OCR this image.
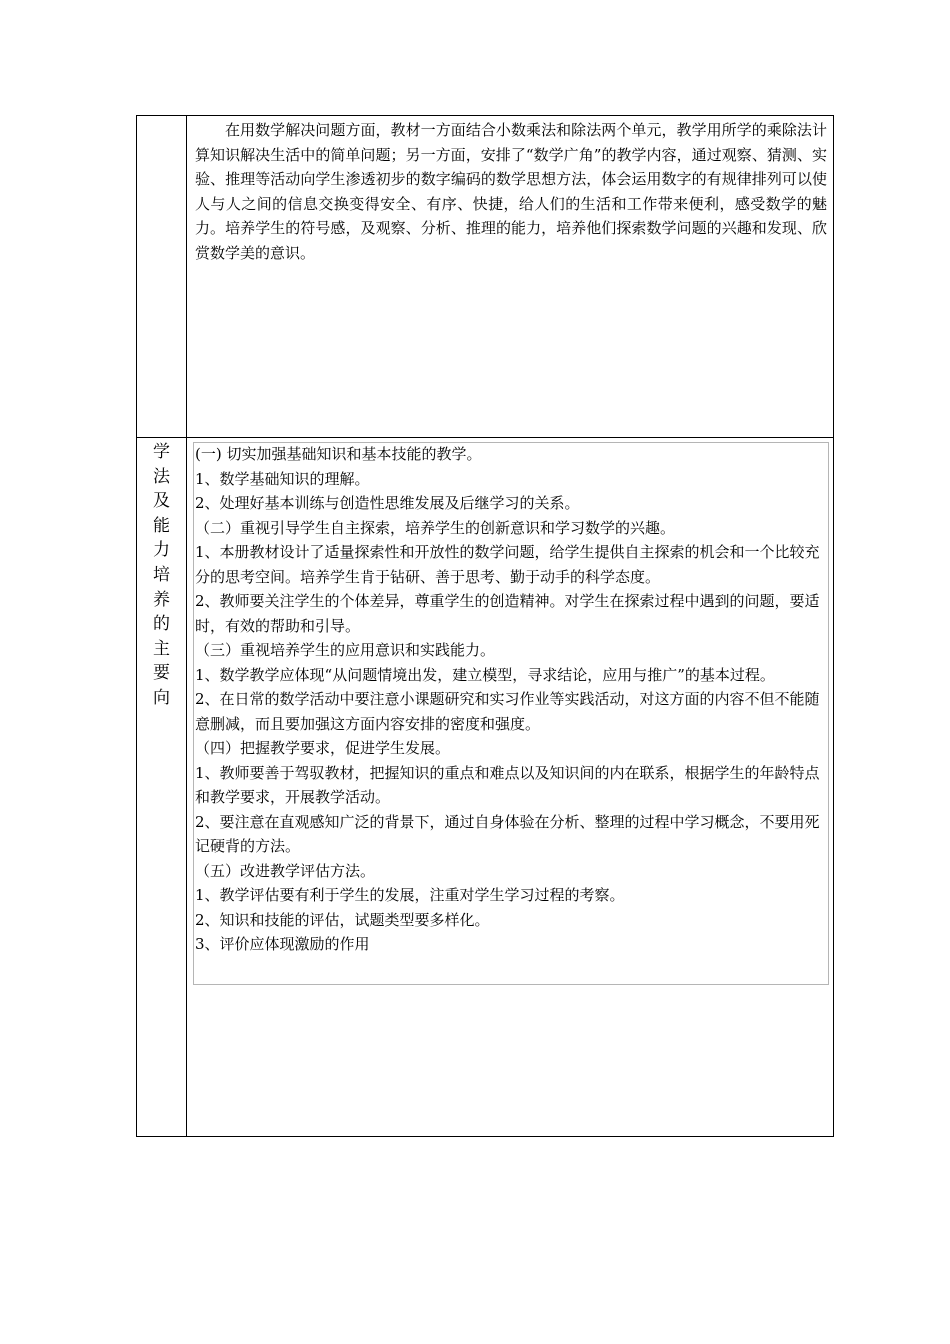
在用数学解决问题方面，教材一方面结合小数乘法和除法两个单元，教学用所学的乘除法计算知识解决生活中的简单问题；另一方面，安排了“数学广角”的教学内容，通过观察、猜测、实验、推理等活动向学生渗透初步的数字编码的数学思想方法，体会运用数字的有规律排列可以使人与人之间的信息交换变得安全、有序、快捷，给人们的生活和工作带来便利，感受数学的魅力。培养学生的符号感，及观察、分析、推理的能力，培养他们探索数学问题的兴趣和发现、欣赏数学美的意识。

学
法
及
能
力
培
养
的
主
要
向
(一) 切实加强基础知识和基本技能的教学。
1、数学基础知识的理解。
2、处理好基本训练与创造性思维发展及后继学习的关系。
（二）重视引导学生自主探索，培养学生的创新意识和学习数学的兴趣。
1、本册教材设计了适量探索性和开放性的数学问题，给学生提供自主探索的机会和一个比较充分的思考空间。培养学生肯于钻研、善于思考、勤于动手的科学态度。
2、教师要关注学生的个体差异，尊重学生的创造精神。对学生在探索过程中遇到的问题，要适时，有效的帮助和引导。
（三）重视培养学生的应用意识和实践能力。
1、数学教学应体现“从问题情境出发，建立模型，寻求结论，应用与推广”的基本过程。
2、在日常的数学活动中要注意小课题研究和实习作业等实践活动，对这方面的内容不但不能随意删减，而且要加强这方面内容安排的密度和强度。
（四）把握教学要求，促进学生发展。
1、教师要善于驾驭教材，把握知识的重点和难点以及知识间的内在联系，根据学生的年龄特点和教学要求，开展教学活动。
2、要注意在直观感知广泛的背景下，通过自身体验在分析、整理的过程中学习概念，不要用死记硬背的方法。
（五）改进教学评估方法。
1、教学评估要有利于学生的发展，注重对学生学习过程的考察。
2、知识和技能的评估，试题类型要多样化。
3、评价应体现激励的作用
